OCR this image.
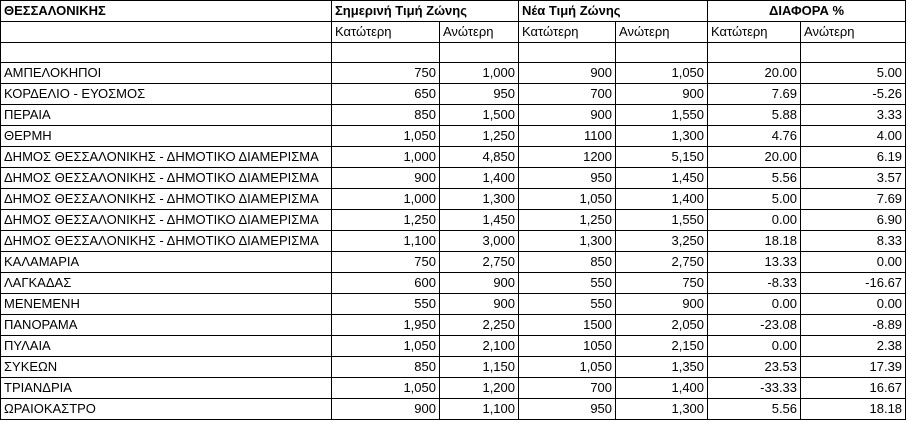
ΘΕΣΣΑΛΟΝΙΚΗΣ	Σημερινή Τιμή Ζώνης		Νέα Τιμή Ζώνης		ΔΙΑΦΟΡΑ %	
	Κατώτερη	Ανώτερη	Κατώτερη	Ανώτερη	Κατώτερη	Ανώτερη

ΑΜΠΕΛΟΚΗΠΟΙ	750	1,000	900	1,050	20.00	5.00
ΚΟΡΔΕΛΙΟ - ΕΥΟΣΜΟΣ	650	950	700	900	7.69	-5.26
ΠΕΡΑΙΑ	850	1,500	900	1,550	5.88	3.33
ΘΕΡΜΗ	1,050	1,250	1100	1,300	4.76	4.00
ΔΗΜΟΣ ΘΕΣΣΑΛΟΝΙΚΗΣ - ΔΗΜΟΤΙΚΟ ΔΙΑΜΕΡΙΣΜΑ	1,000	4,850	1200	5,150	20.00	6.19
ΔΗΜΟΣ ΘΕΣΣΑΛΟΝΙΚΗΣ - ΔΗΜΟΤΙΚΟ ΔΙΑΜΕΡΙΣΜΑ	900	1,400	950	1,450	5.56	3.57
ΔΗΜΟΣ ΘΕΣΣΑΛΟΝΙΚΗΣ - ΔΗΜΟΤΙΚΟ ΔΙΑΜΕΡΙΣΜΑ	1,000	1,300	1,050	1,400	5.00	7.69
ΔΗΜΟΣ ΘΕΣΣΑΛΟΝΙΚΗΣ - ΔΗΜΟΤΙΚΟ ΔΙΑΜΕΡΙΣΜΑ	1,250	1,450	1,250	1,550	0.00	6.90
ΔΗΜΟΣ ΘΕΣΣΑΛΟΝΙΚΗΣ - ΔΗΜΟΤΙΚΟ ΔΙΑΜΕΡΙΣΜΑ	1,100	3,000	1,300	3,250	18.18	8.33
ΚΑΛΑΜΑΡΙΑ	750	2,750	850	2,750	13.33	0.00
ΛΑΓΚΑΔΑΣ	600	900	550	750	-8.33	-16.67
ΜΕΝΕΜΕΝΗ	550	900	550	900	0.00	0.00
ΠΑΝΟΡΑΜΑ	1,950	2,250	1500	2,050	-23.08	-8.89
ΠΥΛΑΙΑ	1,050	2,100	1050	2,150	0.00	2.38
ΣΥΚΕΩΝ	850	1,150	1,050	1,350	23.53	17.39
ΤΡΙΑΝΔΡΙΑ	1,050	1,200	700	1,400	-33.33	16.67
ΩΡΑΙΟΚΑΣΤΡΟ	900	1,100	950	1,300	5.56	18.18
